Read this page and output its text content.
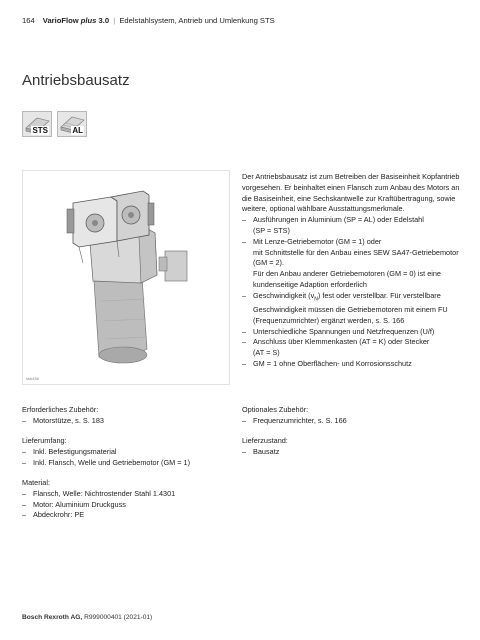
164 VarioFlow plus 3.0 | Edelstahlsystem, Antrieb und Umlenkung STS
Antriebsbausatz
STS	AL
ssb456

Der Antriebsbausatz ist zum Betreiben der Basiseinheit Kopfantrieb vorgesehen. Er beinhaltet einen Flansch zum Anbau des Motors an die Basiseinheit, eine Sechskantwelle zur Kraftübertragung, sowie weitere, optional wählbare Ausstattungsmerkmale.

– Ausführungen in Aluminium (SP = AL) oder Edelstahl
(SP = STS)
– Mit Lenze-Getriebemotor (GM = 1) oder
mit Schnittstelle für den Anbau eines SEW SA47-Getriebemotor (GM = 2).
Für den Anbau anderer Getriebemotoren (GM = 0) ist eine kundenseitige Adaption erforderlich
– Geschwindigkeit $(v_N)$ fest oder verstellbar. Für verstellbare Geschwindigkeit müssen die Getriebemotoren mit einem FU (Frequenzumrichter) ergänzt werden, s. S. 166
– Unterschiedliche Spannungen und Netzfrequenzen (U/f)
– Anschluss über Klemmenkasten (AT = K) oder Stecker
(AT = S)
– GM = 1 ohne Oberflächen- und Korrosionsschutz

Erforderliches Zubehör:

– Motorstütze, s. S. 183

Optionales Zubehör:

– Frequenzumrichter, s. S. 166

Lieferumfang:

– Inkl. Befestigungsmaterial
– Inkl. Flansch, Welle und Getriebemotor (GM = 1)

Lieferzustand:

– Bausatz

Material:

– Flansch, Welle: Nichtrostender Stahl 1.4301
– Motor: Aluminium Druckguss
– Abdeckrohr: PE
Bosch Rexroth AG, R999000401 (2021-01)
